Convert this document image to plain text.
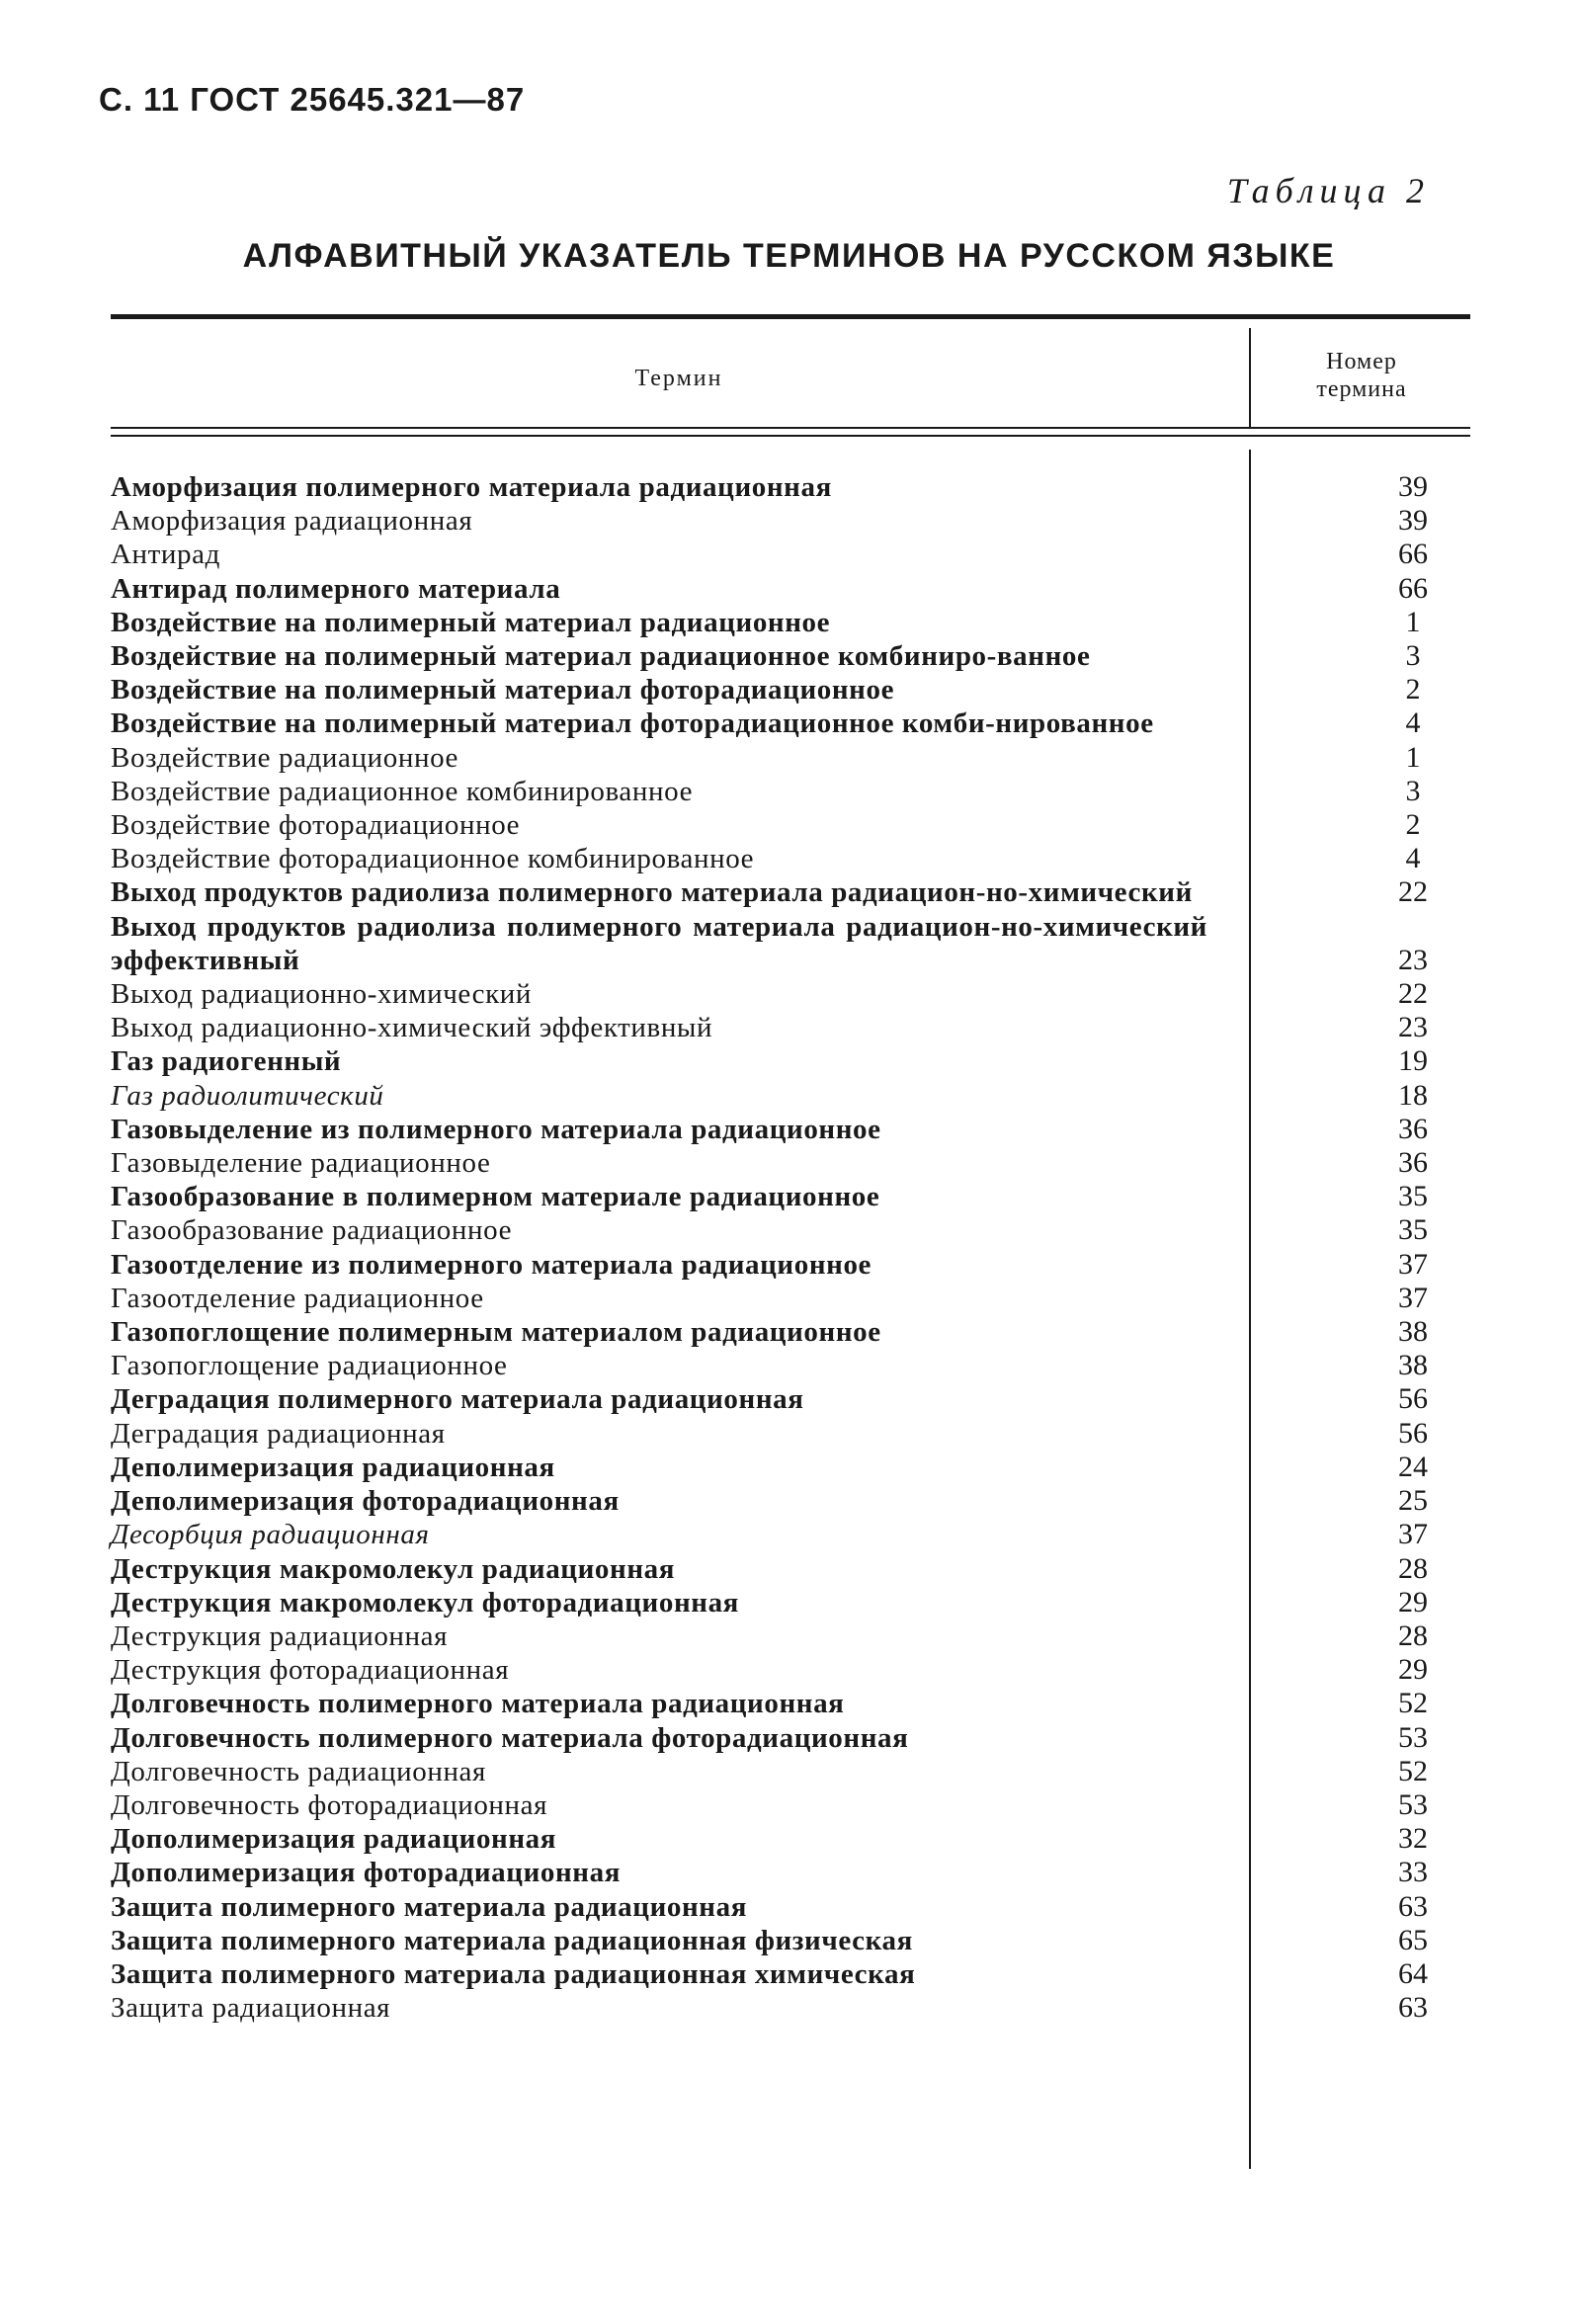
С. 11 ГОСТ 25645.321—87
Таблица 2
АЛФАВИТНЫЙ УКАЗАТЕЛЬ ТЕРМИНОВ НА РУССКОМ ЯЗЫКЕ
Термин
Номер
термина
Аморфизация полимерного материала радиационная	39
Аморфизация радиационная	39
Антирад	66
Антирад полимерного материала	66
Воздействие на полимерный материал радиационное	1
Воздействие на полимерный материал радиационное комбиниро-ванное	3
Воздействие на полимерный материал фоторадиационное	2
Воздействие на полимерный материал фоторадиационное комби-нированное	4
Воздействие радиационное	1
Воздействие радиационное комбинированное	3
Воздействие фоторадиационное	2
Воздействие фоторадиационное комбинированное	4
Выход продуктов радиолиза полимерного материала радиацион-но-химический	22
Выход продуктов радиолиза полимерного материала радиацион-но-химический эффективный	23
Выход радиационно-химический	22
Выход радиационно-химический эффективный	23
Газ радиогенный	19
Газ радиолитический	18
Газовыделение из полимерного материала радиационное	36
Газовыделение радиационное	36
Газообразование в полимерном материале радиационное	35
Газообразование радиационное	35
Газоотделение из полимерного материала радиационное	37
Газоотделение радиационное	37
Газопоглощение полимерным материалом радиационное	38
Газопоглощение радиационное	38
Деградация полимерного материала радиационная	56
Деградация радиационная	56
Деполимеризация радиационная	24
Деполимеризация фоторадиационная	25
Десорбция радиационная	37
Деструкция макромолекул радиационная	28
Деструкция макромолекул фоторадиационная	29
Деструкция радиационная	28
Деструкция фоторадиационная	29
Долговечность полимерного материала радиационная	52
Долговечность полимерного материала фоторадиационная	53
Долговечность радиационная	52
Долговечность фоторадиационная	53
Дополимеризация радиационная	32
Дополимеризация фоторадиационная	33
Защита полимерного материала радиационная	63
Защита полимерного материала радиационная физическая	65
Защита полимерного материала радиационная химическая	64
Защита радиационная	63
